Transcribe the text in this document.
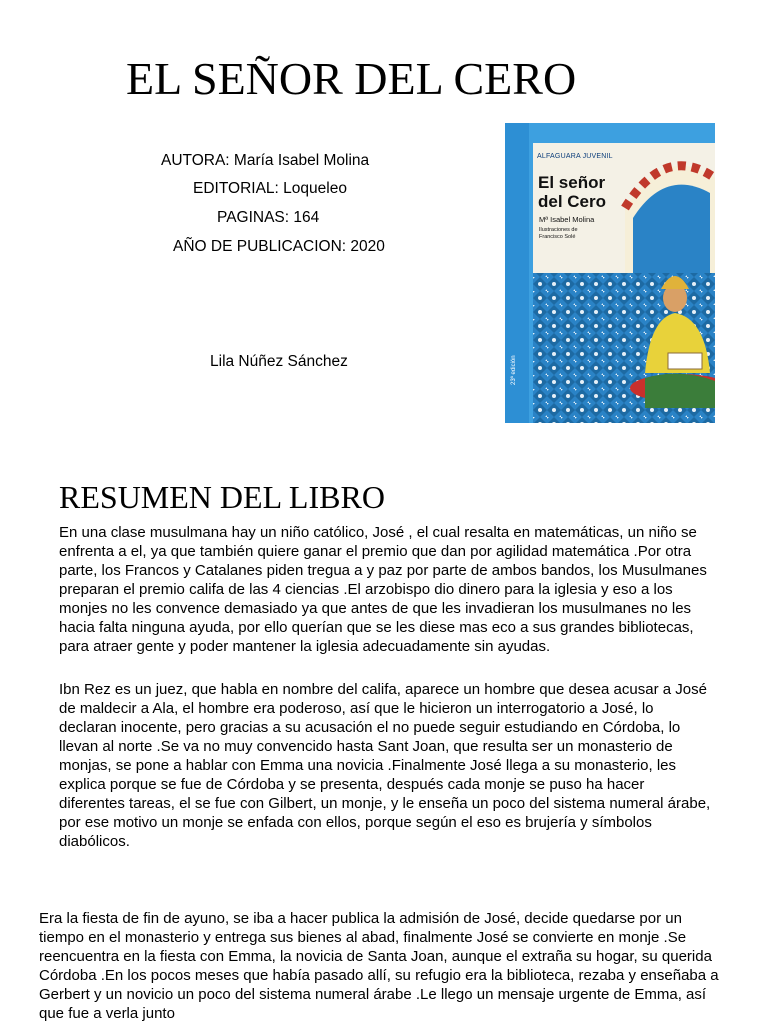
EL SEÑOR DEL CERO
AUTORA: María Isabel Molina
EDITORIAL: Loqueleo
PAGINAS: 164
AÑO DE PUBLICACION: 2020
Lila Núñez Sánchez
ALFAGUARA JUVENIL
El señor
del Cero
Mª Isabel Molina
Ilustraciones de Francisco Solé
23ª edición
RESUMEN DEL LIBRO

En una clase musulmana hay un niño católico, José , el cual resalta en matemáticas, un niño se enfrenta a el, ya que también quiere ganar el premio que dan por agilidad matemática .Por otra parte, los Francos y Catalanes piden tregua a y paz por parte de ambos bandos, los Musulmanes preparan el premio califa de las 4 ciencias .El arzobispo dio dinero para la iglesia y eso a los monjes no les convence demasiado ya que antes de que les invadieran los musulmanes no les hacia falta ninguna ayuda, por ello querían que se les diese mas eco a sus grandes bibliotecas, para atraer gente y poder mantener la iglesia adecuadamente sin ayudas.

Ibn Rez es un juez, que habla en nombre del califa, aparece un hombre que desea acusar a José de maldecir a Ala, el hombre era poderoso, así que le hicieron un interrogatorio a José, lo declaran inocente, pero gracias a su acusación el no puede seguir estudiando en Córdoba, lo llevan al norte .Se va no muy convencido hasta Sant Joan, que resulta ser un monasterio de monjas, se pone a hablar con Emma una novicia .Finalmente José llega a su monasterio, les explica porque se fue de Córdoba y se presenta, después cada monje se puso ha hacer diferentes tareas, el se fue con Gilbert, un monje, y le enseña un poco del sistema numeral árabe, por ese motivo un monje se enfada con ellos, porque según el eso es brujería y símbolos diabólicos.

Era la fiesta de fin de ayuno, se iba a hacer publica la admisión de José, decide quedarse por un tiempo en el monasterio y entrega sus bienes al abad, finalmente José se convierte en monje .Se reencuentra en la fiesta con Emma, la novicia de Santa Joan, aunque el extraña su hogar, su querida Córdoba .En los pocos meses que había pasado allí, su refugio era la biblioteca, rezaba y enseñaba a Gerbert y un novicio un poco del sistema numeral árabe .Le llego un mensaje urgente de Emma, así que fue a verla junto
